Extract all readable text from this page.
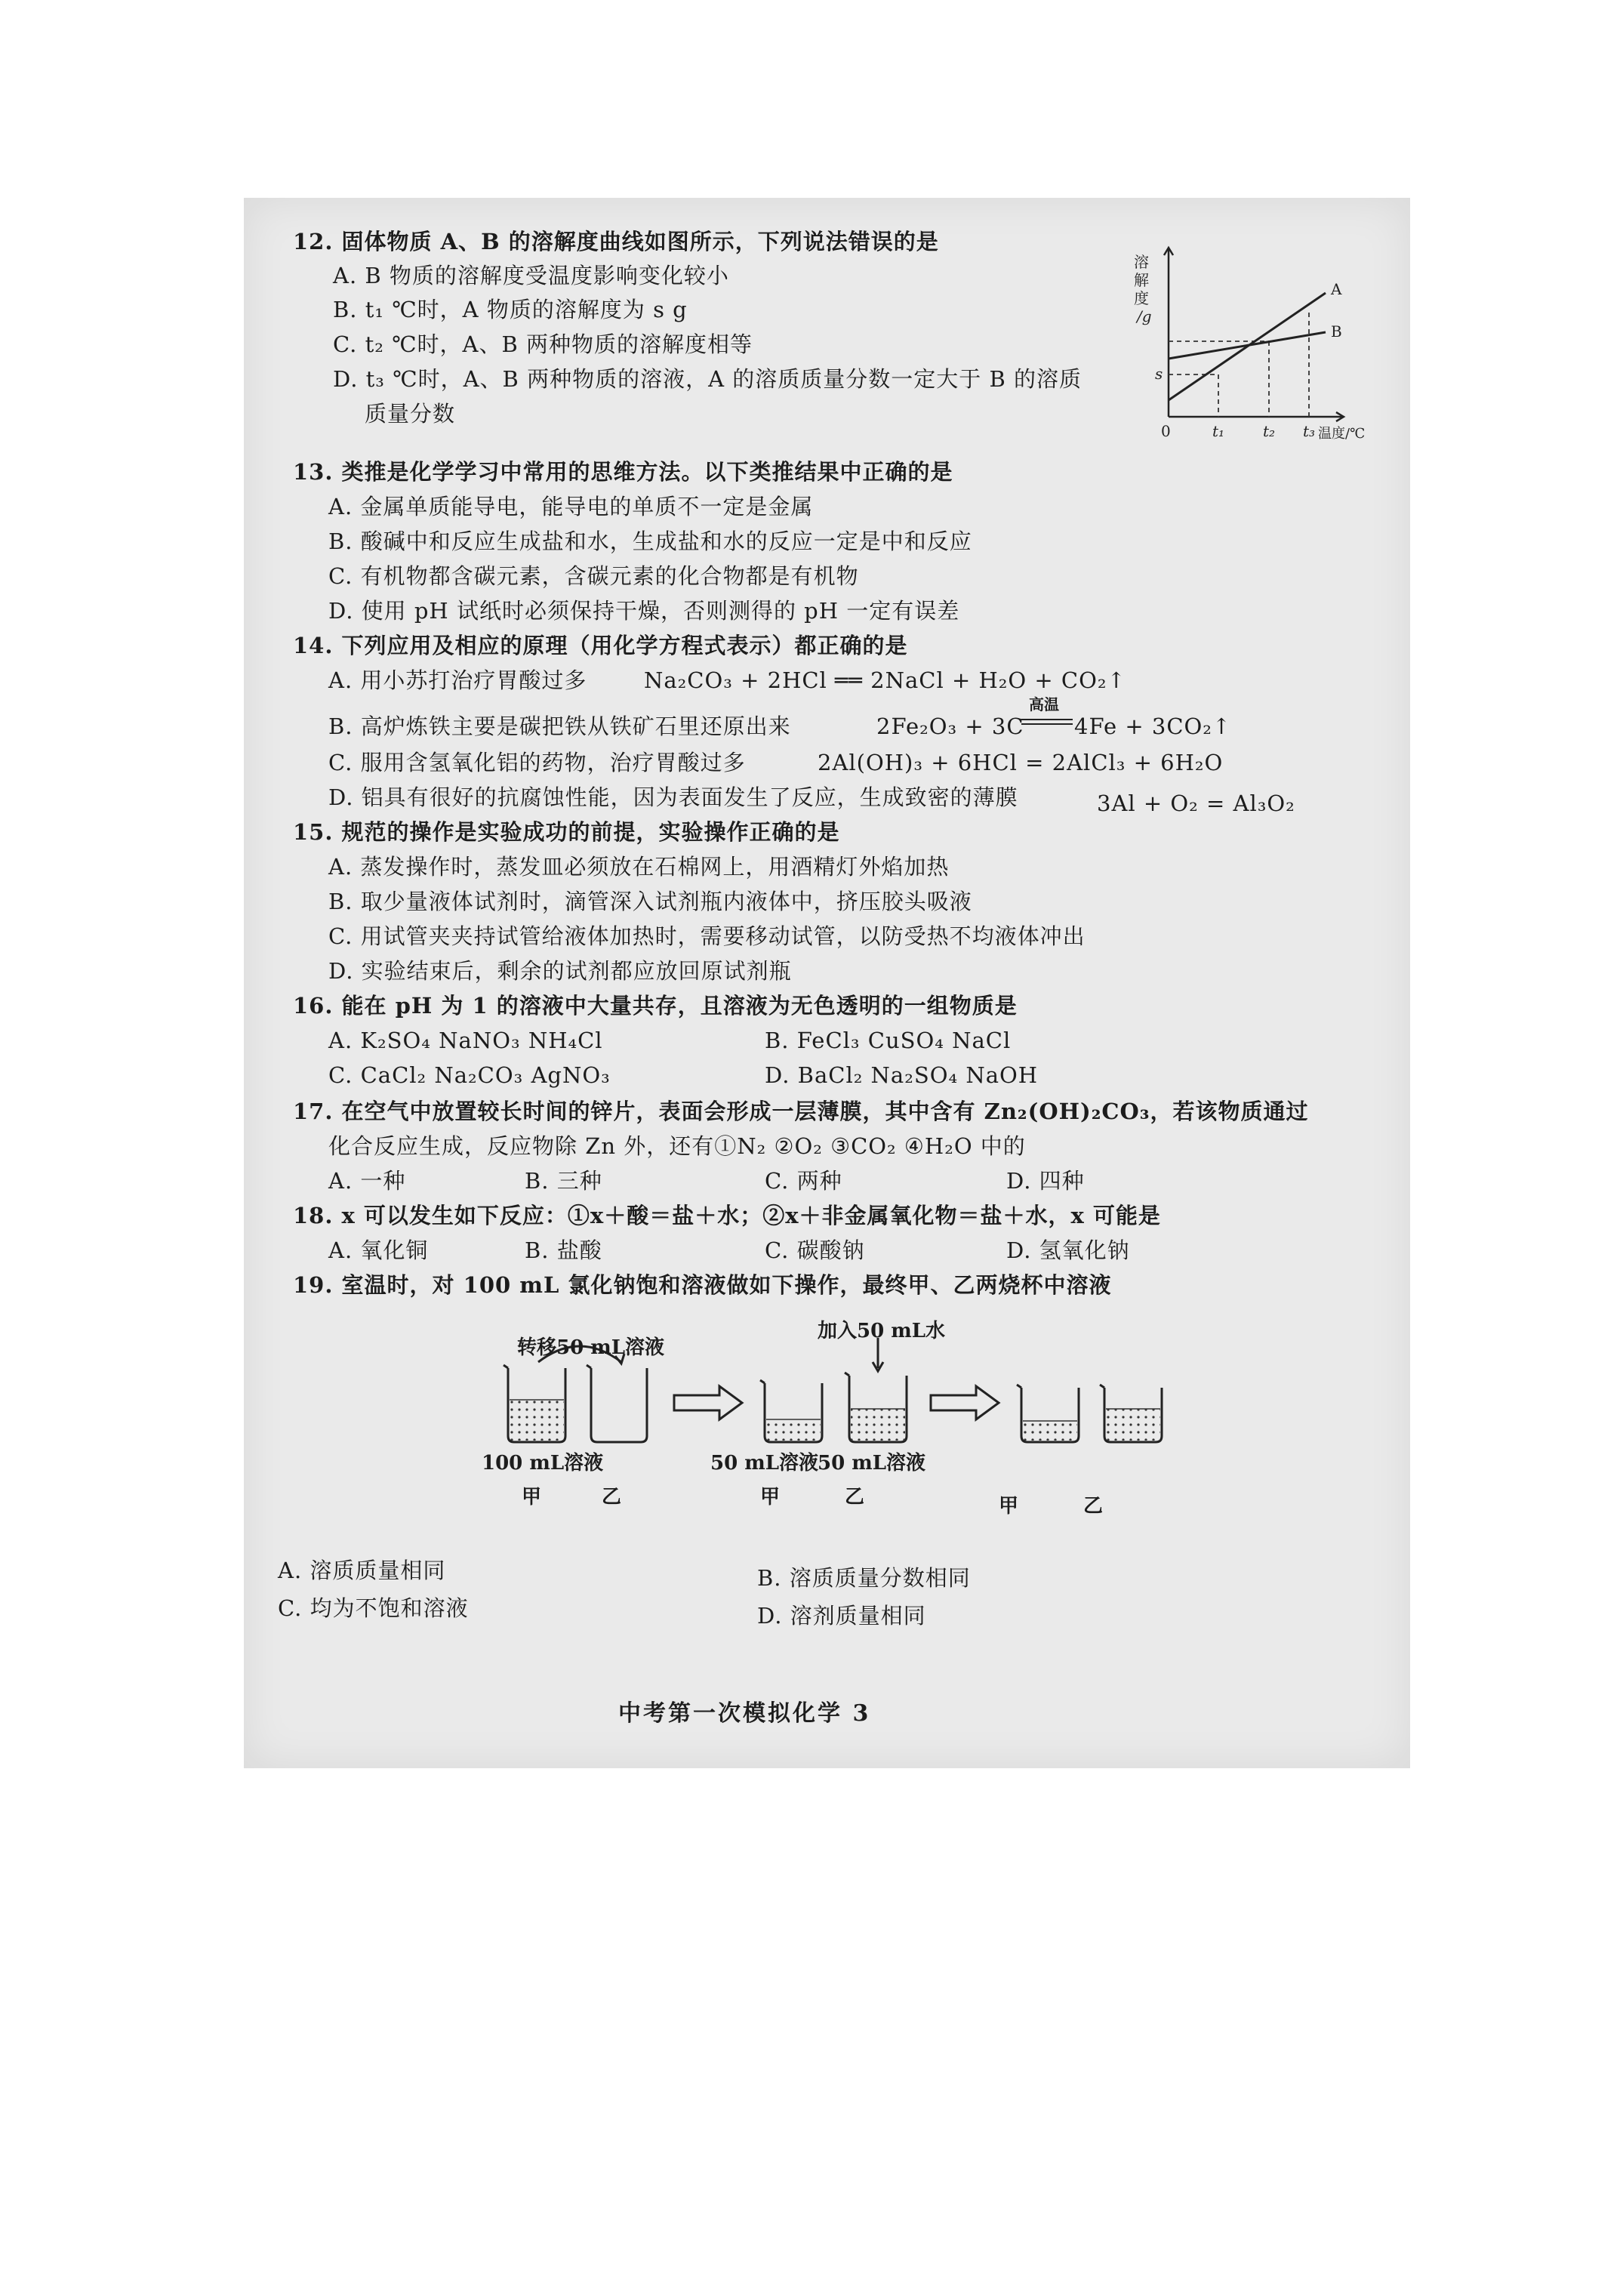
12. 固体物质 A、B 的溶解度曲线如图所示，下列说法错误的是
A. B 物质的溶解度受温度影响变化较小
B. t₁ ℃时，A 物质的溶解度为 s g
C. t₂ ℃时，A、B 两种物质的溶解度相等
D. t₃ ℃时，A、B 两种物质的溶液，A 的溶质质量分数一定大于 B 的溶质
质量分数
溶
解
度
/g
s
0	t₁	t₂ t₃ 温度/℃
A
B
13. 类推是化学学习中常用的思维方法。以下类推结果中正确的是
A. 金属单质能导电，能导电的单质不一定是金属
B. 酸碱中和反应生成盐和水，生成盐和水的反应一定是中和反应
C. 有机物都含碳元素，含碳元素的化合物都是有机物
D. 使用 pH 试纸时必须保持干燥，否则测得的 pH 一定有误差
14. 下列应用及相应的原理（用化学方程式表示）都正确的是
A. 用小苏打治疗胃酸过多	Na₂CO₃ + 2HCl ══ 2NaCl + H₂O + CO₂↑
B. 高炉炼铁主要是碳把铁从铁矿石里还原出来	2Fe₂O₃ + 3C
高温
4Fe + 3CO₂↑
C. 服用含氢氧化铝的药物，治疗胃酸过多	2Al(OH)₃ + 6HCl = 2AlCl₃ + 6H₂O
D. 铝具有很好的抗腐蚀性能，因为表面发生了反应，生成致密的薄膜	3Al + O₂ = Al₃O₂
15. 规范的操作是实验成功的前提，实验操作正确的是
A. 蒸发操作时，蒸发皿必须放在石棉网上，用酒精灯外焰加热
B. 取少量液体试剂时，滴管深入试剂瓶内液体中，挤压胶头吸液
C. 用试管夹夹持试管给液体加热时，需要移动试管，以防受热不均液体冲出
D. 实验结束后，剩余的试剂都应放回原试剂瓶
16. 能在 pH 为 1 的溶液中大量共存，且溶液为无色透明的一组物质是
A. K₂SO₄ NaNO₃ NH₄Cl	B. FeCl₃ CuSO₄ NaCl
C. CaCl₂ Na₂CO₃ AgNO₃	D. BaCl₂ Na₂SO₄ NaOH
17. 在空气中放置较长时间的锌片，表面会形成一层薄膜，其中含有 Zn₂(OH)₂CO₃，若该物质通过
化合反应生成，反应物除 Zn 外，还有①N₂ ②O₂ ③CO₂ ④H₂O 中的
A. 一种	B. 三种	C. 两种	D. 四种
18. x 可以发生如下反应：①x＋酸＝盐＋水；②x＋非金属氧化物＝盐＋水，x 可能是
A. 氧化铜	B. 盐酸	C. 碳酸钠	D. 氢氧化钠
19. 室温时，对 100 mL 氯化钠饱和溶液做如下操作，最终甲、乙两烧杯中溶液
转移50 mL溶液
加入50 mL水
100 mL溶液	50 mL溶液
50 mL溶液
甲	乙	甲	乙	甲	乙
A. 溶质质量相同	B. 溶质质量分数相同
C. 均为不饱和溶液	D. 溶剂质量相同
中考第一次模拟化学 3
